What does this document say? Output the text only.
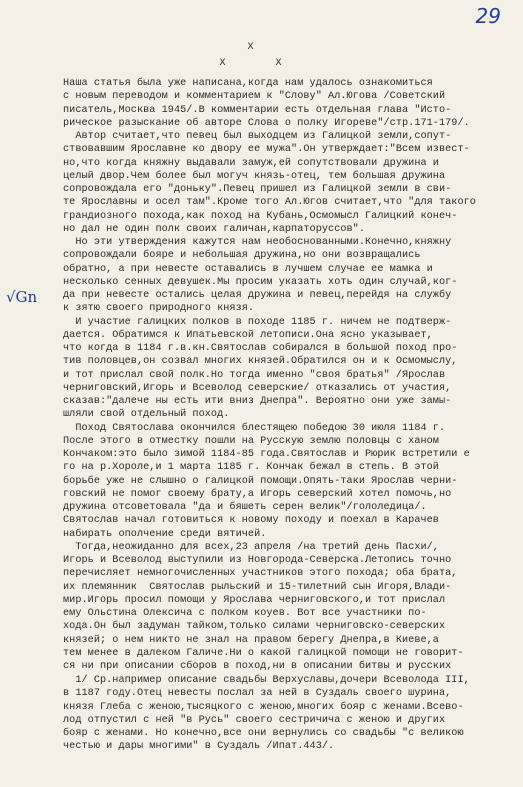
29
X
X X
√Gn
Наша статья была уже написана,когда нам удалось ознакомиться
с новым переводом и комментарием к "Слову" Ал.Югова /Советский
писатель,Москва 1945/.В комментарии есть отдельная глава "Исто-
рическое разыскание об авторе Слова о полку Игореве"/стр.171-179/.
Автор считает,что певец был выходцем из Галицкой земли,сопут-
ствовавшим Ярославне ко двору ее мужа".Он утверждает:"Всем извест-
но,что когда княжну выдавали замуж,ей сопутствовали дружина и
целый двор.Чем более был могуч князь-отец, тем большая дружина
сопровождала его "доньку".Певец пришел из Галицкой земли в сви-
те Ярославны и осел там".Кроме того Ал.Югов считает,что "для такого
грандиозного похода,как поход на Кубань,Осмомысл Галицкий конеч-
но дал не один полк своих галичан,карпаторуссов".
Но эти утверждения кажутся нам необоснованными.Конечно,княжну
сопровождали бояре и небольшая дружина,но они возвращались
обратно, а при невесте оставались в лучшем случае ее мамка и
несколько сенных девушек.Мы просим указать хоть один случай,ког-
да при невесте остались целая дружина и певец,перейдя на службу
к зятю своего природного князя.
И участие галицких полков в походе 1185 г. ничем не подтверж-
дается. Обратимся к Ипатьевской летописи.Она ясно указывает,
что когда в 1184 г.в.кн.Святослав собирался в большой поход про-
тив половцев,он созвал многих князей.Обратился он и к Осмомыслу,
и тот прислал свой полк.Но тогда именно "своя братья" /Ярослав
черниговский,Игорь и Всеволод северские/ отказались от участия,
сказав:"далече ны есть ити вниз Днепра". Вероятно они уже замы-
шляли свой отдельный поход.
Поход Святослава окончился блестящею победою 30 июля 1184 г.
После этого в отместку пошли на Русскую землю половцы с ханом
Кончаком:это было зимой 1184-85 года.Святослав и Рюрик встретили е
го на р.Хороле,и 1 марта 1185 г. Кончак бежал в степь. В этой
борьбе уже не слышно о галицкой помощи.Опять-таки Ярослав черни-
говский не помог своему брату,а Игорь северский хотел помочь,но
дружина отсоветовала "да и бяшеть серен велик"/гололедица/.
Святослав начал готовиться к новому походу и поехал в Карачев
набирать ополчение среди вятичей.
Тогда,неожиданно для всех,23 апреля /на третий день Пасхи/,
Игорь и Всеволод выступили из Новгорода-Северска.Летопись точно
перечисляет немногочисленных участников этого похода; оба брата,
их племянник  Святослав рыльский и 15-тилетний сын Игоря,Влади-
мир.Игорь просил помощи у Ярослава черниговского,и тот прислал
ему Ольстина Олексича с полком коуев. Вот все участники по-
хода.Он был задуман тайком,только силами черниговско-северских
князей; о нем никто не знал на правом берегу Днепра,в Киеве,а
тем менее в далеком Галиче.Ни о какой галицкой помощи не говорит-
ся ни при описании сборов в поход,ни в описании битвы и русских
1/ Ср.например описание свадьбы Верхуславы,дочери Всеволода III,
в 1187 году.Отец невесты послал за ней в Суздаль своего шурина,
князя Глеба с женою,тысяцкого с женою,многих бояр с женами.Всево-
лод отпустил с ней "в Русь" своего сестричича с женою и других
бояр с женами. Но конечно,все они вернулись со свадьбы "с великою
честью и дары многими" в Суздаль /Ипат.443/.
